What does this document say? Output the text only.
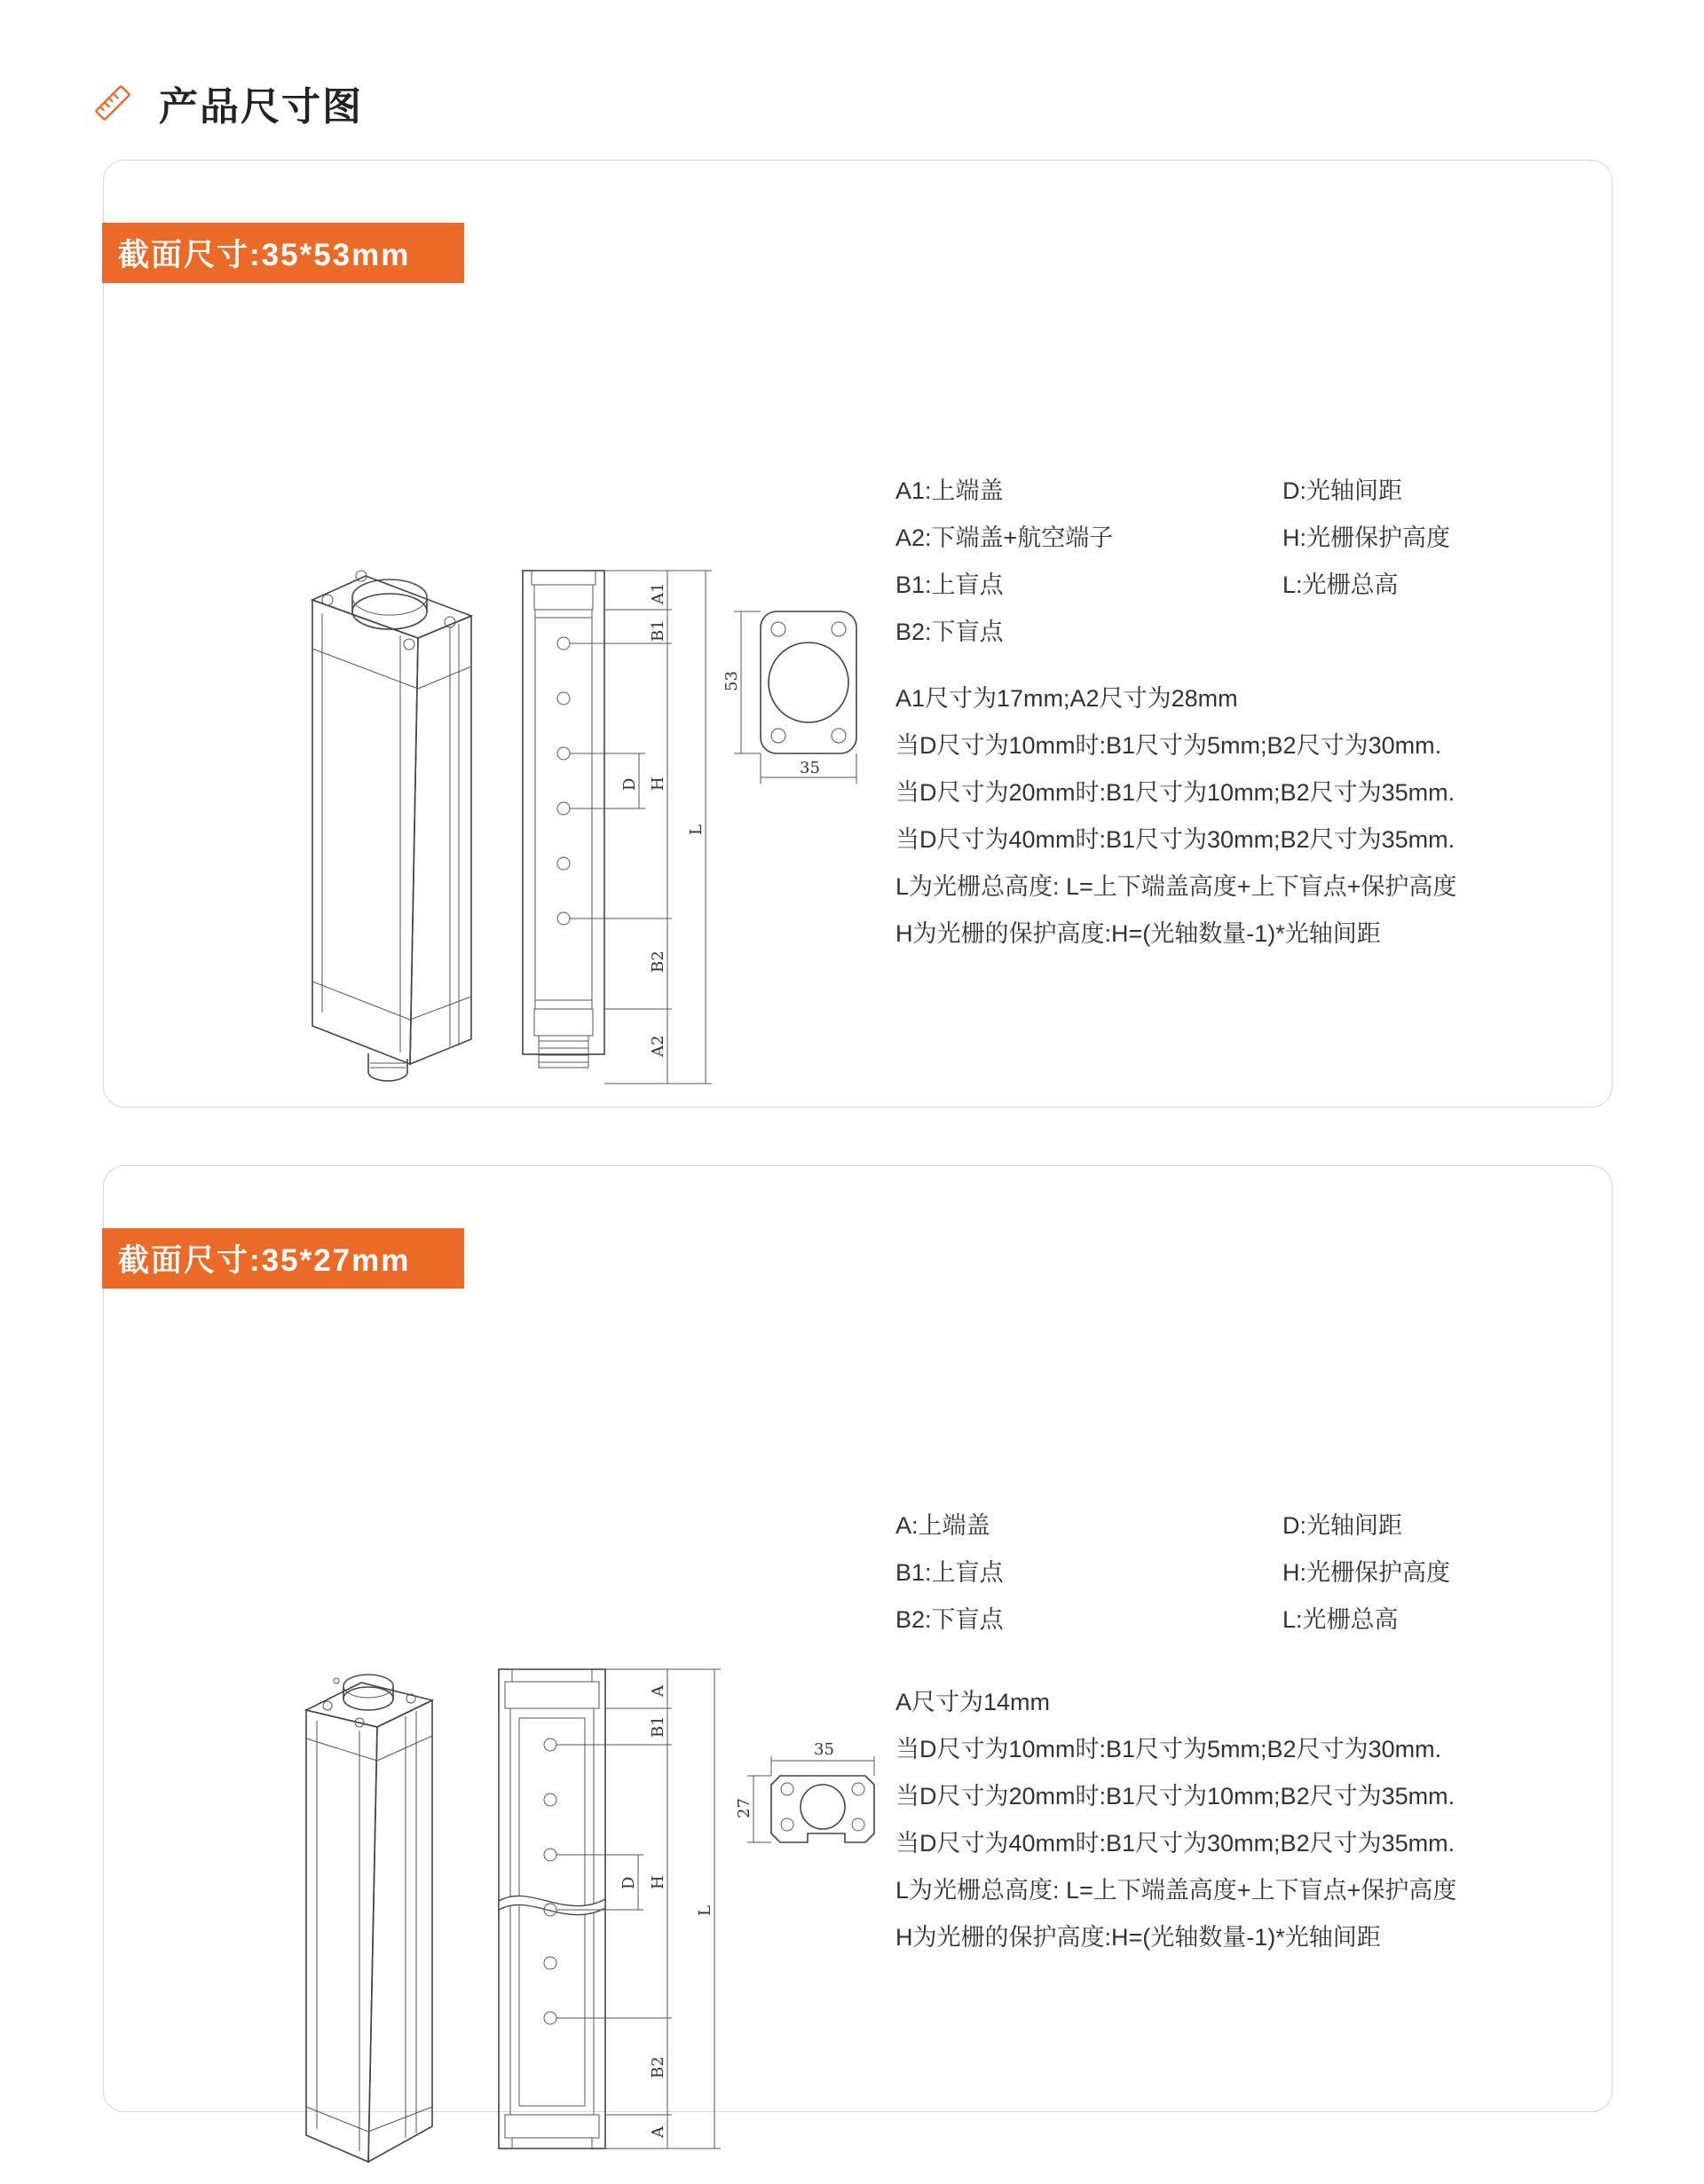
产品尺寸图
截面尺寸:35*53mm
A1
B1
D H
B2
A2
L
53
35
A1:上端盖	D:光轴间距
A2:下端盖+航空端子	H:光栅保护高度
B1:上盲点	L:光栅总高
B2:下盲点
A1尺寸为17mm;A2尺寸为28mm
当D尺寸为10mm时:B1尺寸为5mm;B2尺寸为30mm.
当D尺寸为20mm时:B1尺寸为10mm;B2尺寸为35mm.
当D尺寸为40mm时:B1尺寸为30mm;B2尺寸为35mm.
L为光栅总高度: L=上下端盖高度+上下盲点+保护高度
H为光栅的保护高度:H=(光轴数量-1)*光轴间距
截面尺寸:35*27mm
A
B1
D H
B2
A
L
35
27
A:上端盖	D:光轴间距
B1:上盲点	H:光栅保护高度
B2:下盲点	L:光栅总高
A尺寸为14mm
当D尺寸为10mm时:B1尺寸为5mm;B2尺寸为30mm.
当D尺寸为20mm时:B1尺寸为10mm;B2尺寸为35mm.
当D尺寸为40mm时:B1尺寸为30mm;B2尺寸为35mm.
L为光栅总高度: L=上下端盖高度+上下盲点+保护高度
H为光栅的保护高度:H=(光轴数量-1)*光轴间距
